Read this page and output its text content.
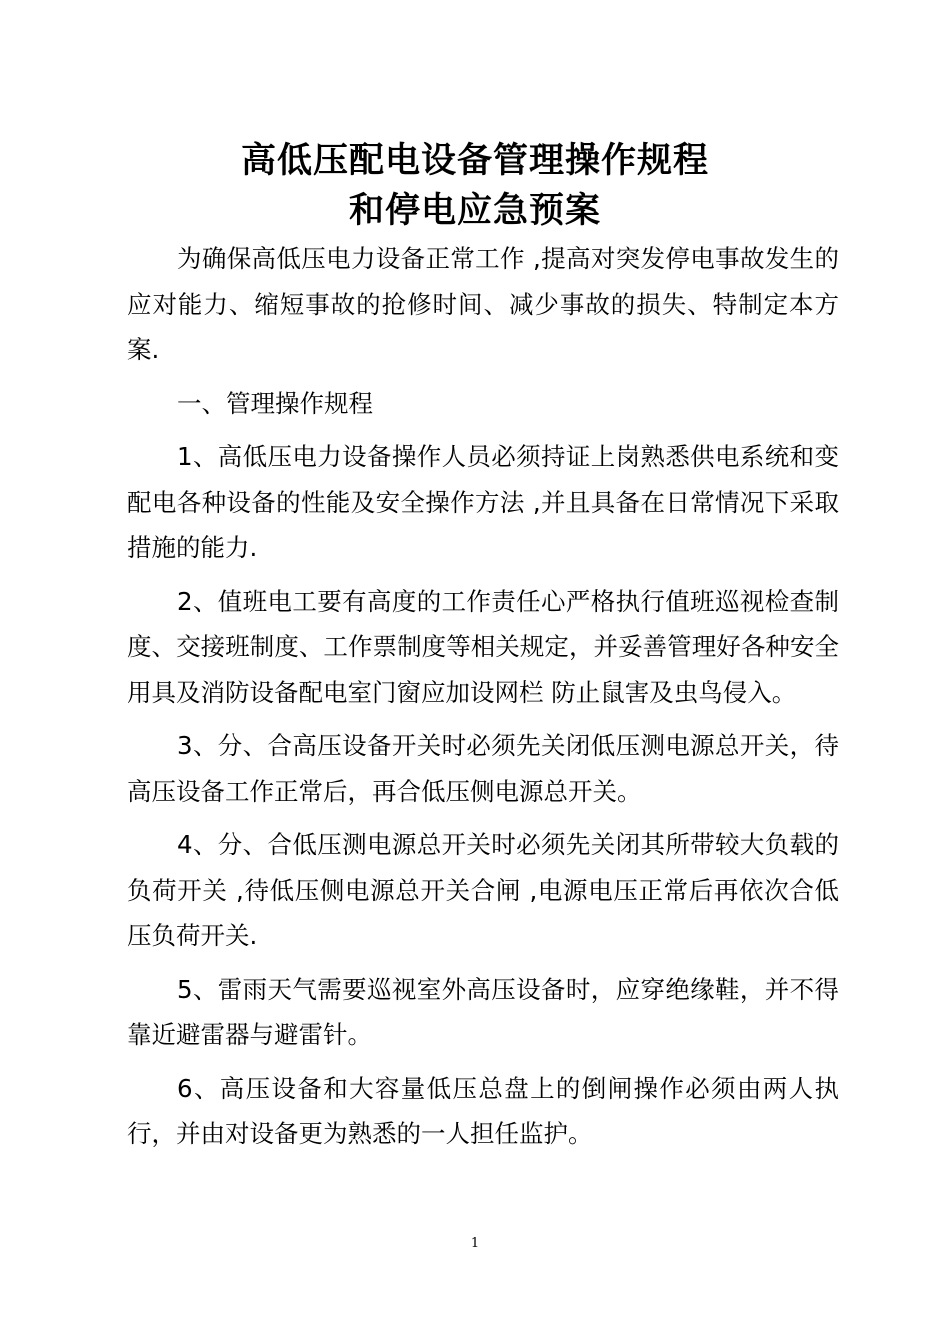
高低压配电设备管理操作规程
和停电应急预案

为确保高低压电力设备正常工作 ,提高对突发停电事故发生的应对能力、缩短事故的抢修时间、减少事故的损失、特制定本方案.

一、管理操作规程

1、高低压电力设备操作人员必须持证上岗熟悉供电系统和变配电各种设备的性能及安全操作方法 ,并且具备在日常情况下采取措施的能力.

2、值班电工要有高度的工作责任心严格执行值班巡视检查制度、交接班制度、工作票制度等相关规定，并妥善管理好各种安全用具及消防设备配电室门窗应加设网栏 防止鼠害及虫鸟侵入。

3、分、合高压设备开关时必须先关闭低压测电源总开关，待高压设备工作正常后，再合低压侧电源总开关。

4、分、合低压测电源总开关时必须先关闭其所带较大负载的负荷开关 ,待低压侧电源总开关合闸 ,电源电压正常后再依次合低压负荷开关.

5、雷雨天气需要巡视室外高压设备时，应穿绝缘鞋，并不得靠近避雷器与避雷针。

6、高压设备和大容量低压总盘上的倒闸操作必须由两人执行，并由对设备更为熟悉的一人担任监护。

1
